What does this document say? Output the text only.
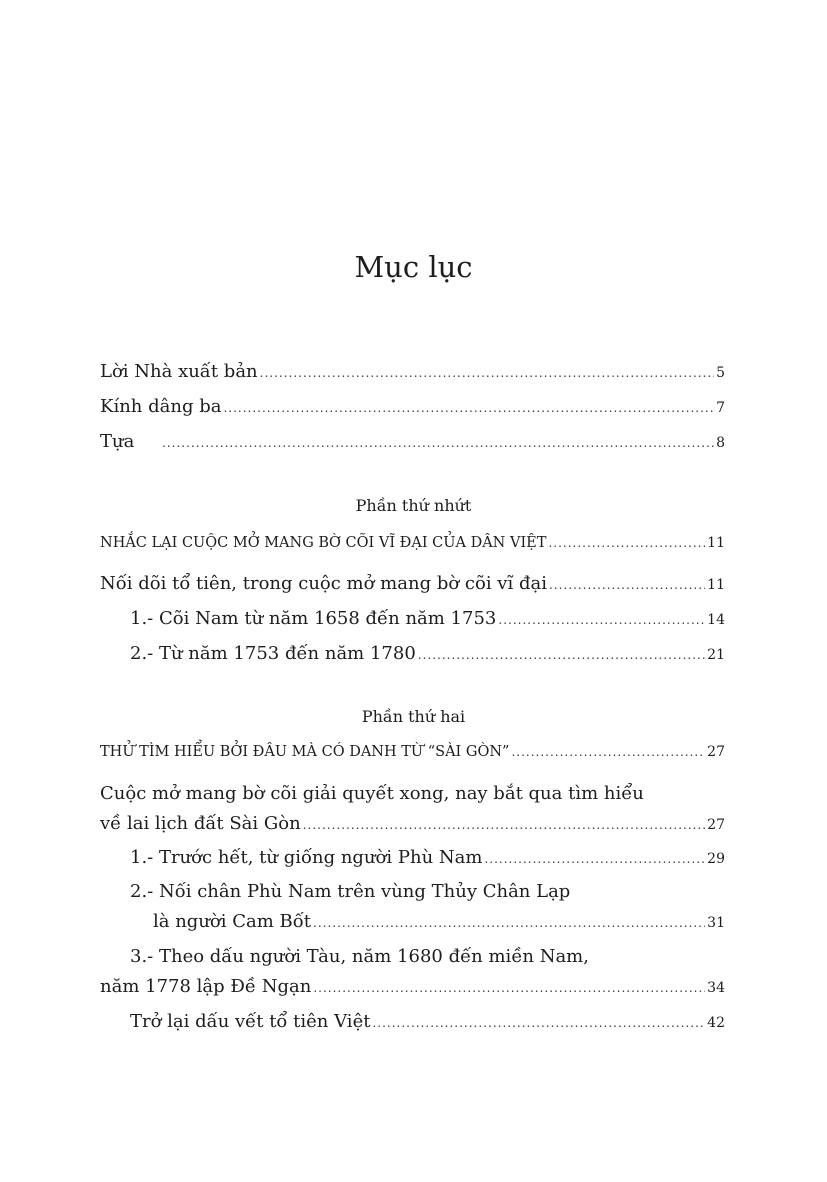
Mục lục
Lời Nhà xuất bản .....	5
Kính dâng ba .....	7
Tựa .....	8
Phần thứ nhứt
NHẮC LẠI CUỘC MỞ MANG BỜ CÕI VĨ ĐẠI CỦA DÂN VIỆT .....	11
Nối dõi tổ tiên, trong cuộc mở mang bờ cõi vĩ đại .....	11
1.- Cõi Nam từ năm 1658 đến năm 1753 .....	14
2.- Từ năm 1753 đến năm 1780 .....	21
Phần thứ hai
THỬ TÌM HIỂU BỞI ĐÂU MÀ CÓ DANH TỪ “SÀI GÒN” .....	27
Cuộc mở mang bờ cõi giải quyết xong, nay bắt qua tìm hiểu
về lai lịch đất Sài Gòn .....	27
1.- Trước hết, từ giống người Phù Nam .....	29
2.- Nối chân Phù Nam trên vùng Thủy Chân Lạp
là người Cam Bốt .....	31
3.- Theo dấu người Tàu, năm 1680 đến miền Nam,
năm 1778 lập Đề Ngạn .....	34
Trở lại dấu vết tổ tiên Việt .....	42
